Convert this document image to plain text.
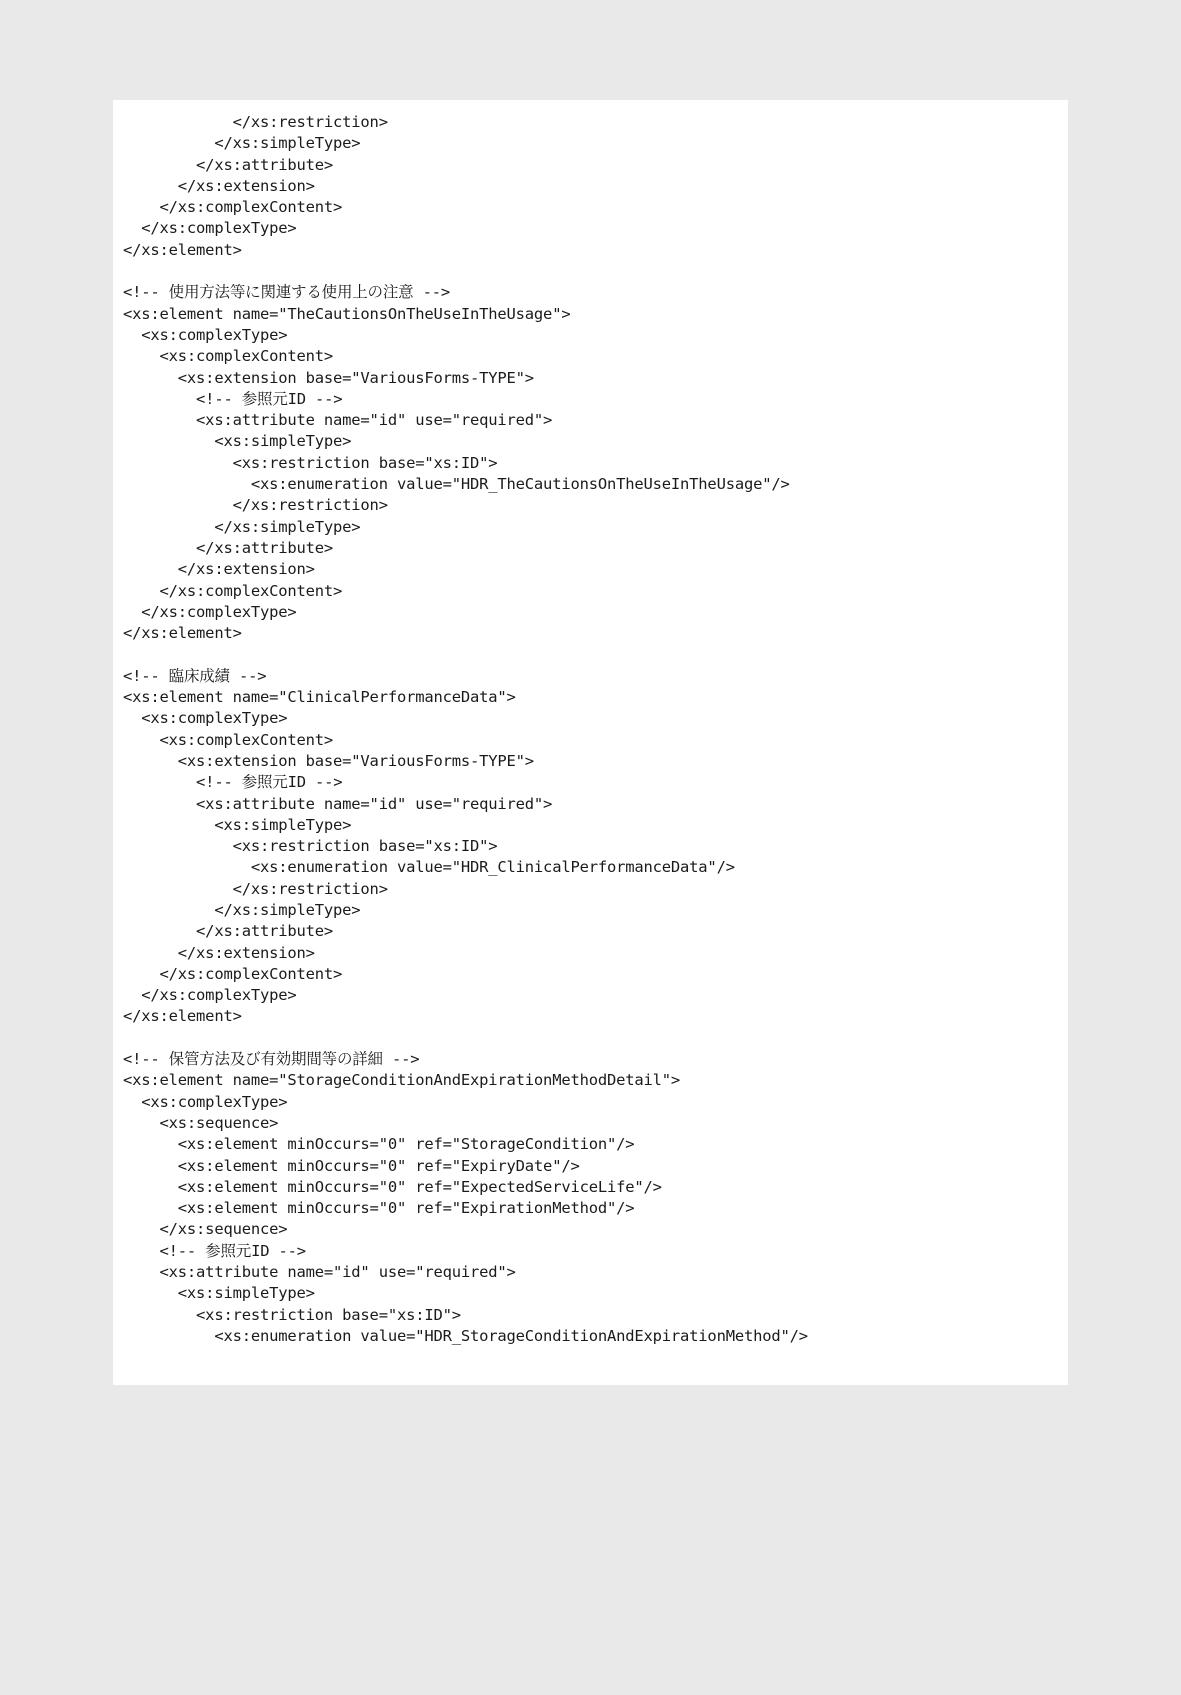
</xs:restriction>
</xs:simpleType>
</xs:attribute>
</xs:extension>
</xs:complexContent>
</xs:complexType>
</xs:element>
<!-- 使用方法等に関連する使用上の注意 -->
<xs:element name="TheCautionsOnTheUseInTheUsage">
<xs:complexType>
<xs:complexContent>
<xs:extension base="VariousForms-TYPE">
<!-- 参照元ID -->
<xs:attribute name="id" use="required">
<xs:simpleType>
<xs:restriction base="xs:ID">
<xs:enumeration value="HDR_TheCautionsOnTheUseInTheUsage"/>
</xs:restriction>
</xs:simpleType>
</xs:attribute>
</xs:extension>
</xs:complexContent>
</xs:complexType>
</xs:element>
<!-- 臨床成績 -->
<xs:element name="ClinicalPerformanceData">
<xs:complexType>
<xs:complexContent>
<xs:extension base="VariousForms-TYPE">
<!-- 参照元ID -->
<xs:attribute name="id" use="required">
<xs:simpleType>
<xs:restriction base="xs:ID">
<xs:enumeration value="HDR_ClinicalPerformanceData"/>
</xs:restriction>
</xs:simpleType>
</xs:attribute>
</xs:extension>
</xs:complexContent>
</xs:complexType>
</xs:element>
<!-- 保管方法及び有効期間等の詳細 -->
<xs:element name="StorageConditionAndExpirationMethodDetail">
<xs:complexType>
<xs:sequence>
<xs:element minOccurs="0" ref="StorageCondition"/>
<xs:element minOccurs="0" ref="ExpiryDate"/>
<xs:element minOccurs="0" ref="ExpectedServiceLife"/>
<xs:element minOccurs="0" ref="ExpirationMethod"/>
</xs:sequence>
<!-- 参照元ID -->
<xs:attribute name="id" use="required">
<xs:simpleType>
<xs:restriction base="xs:ID">
<xs:enumeration value="HDR_StorageConditionAndExpirationMethod"/>
